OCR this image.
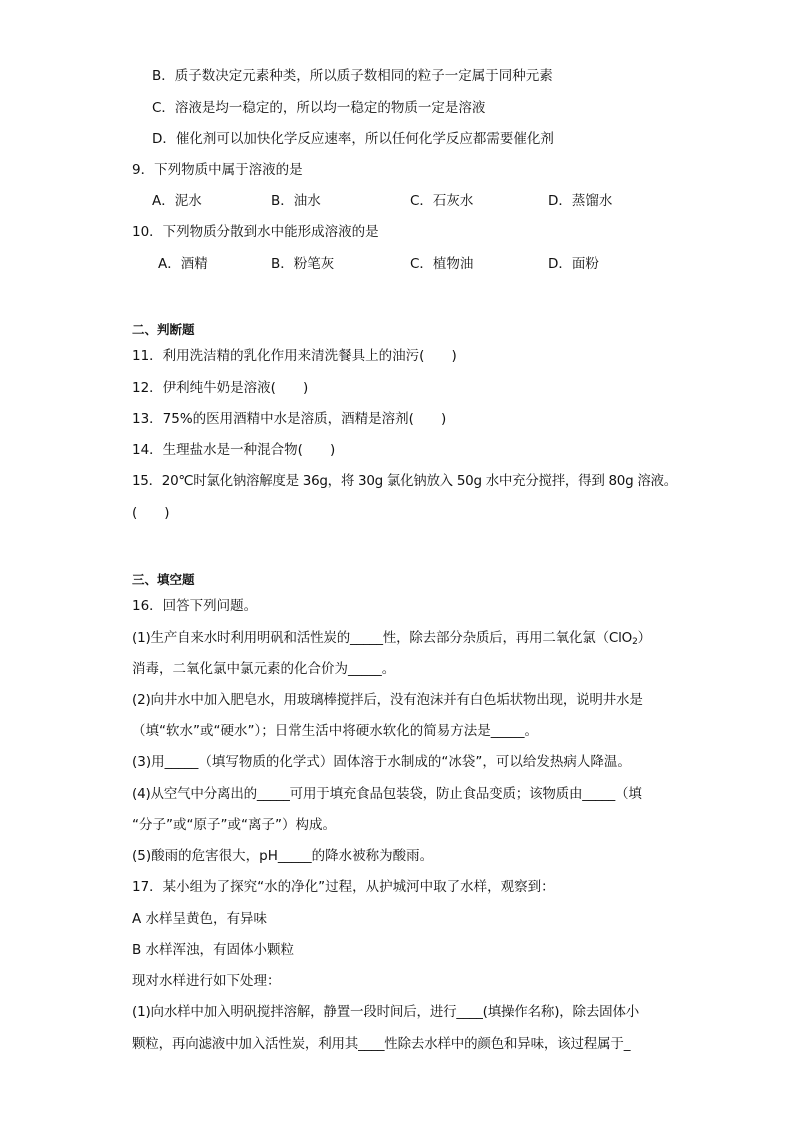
B．质子数决定元素种类，所以质子数相同的粒子一定属于同种元素
C．溶液是均一稳定的，所以均一稳定的物质一定是溶液
D．催化剂可以加快化学反应速率，所以任何化学反应都需要催化剂
9．下列物质中属于溶液的是
A．泥水	B．油水	C．石灰水	D．蒸馏水
10．下列物质分散到水中能形成溶液的是
A．酒精	B．粉笔灰	C．植物油	D．面粉
二、判断题
11．利用洗洁精的乳化作用来清洗餐具上的油污(　　)
12．伊利纯牛奶是溶液(　　)
13．75%的医用酒精中水是溶质，酒精是溶剂(　　)
14．生理盐水是一种混合物(　　)
15．20℃时氯化钠溶解度是 36g，将 30g 氯化钠放入 50g 水中充分搅拌，得到 80g 溶液。
(　　)
三、填空题
16．回答下列问题。
(1)生产自来水时利用明矾和活性炭的_____性，除去部分杂质后，再用二氧化氯（ClO$_2$）
消毒，二氧化氯中氯元素的化合价为_____。
(2)向井水中加入肥皂水，用玻璃棒搅拌后，没有泡沫并有白色垢状物出现，说明井水是
（填“软水”或“硬水”）；日常生活中将硬水软化的简易方法是_____。
(3)用_____（填写物质的化学式）固体溶于水制成的“冰袋”，可以给发热病人降温。
(4)从空气中分离出的_____可用于填充食品包装袋，防止食品变质；该物质由_____（填
“分子”或“原子”或“离子”）构成。
(5)酸雨的危害很大，pH_____的降水被称为酸雨。
17．某小组为了探究“水的净化”过程，从护城河中取了水样，观察到：
A 水样呈黄色，有异味
B 水样浑浊，有固体小颗粒
现对水样进行如下处理：
(1)向水样中加入明矾搅拌溶解，静置一段时间后，进行____(填操作名称)，除去固体小
颗粒，再向滤液中加入活性炭，利用其____性除去水样中的颜色和异味，该过程属于_
